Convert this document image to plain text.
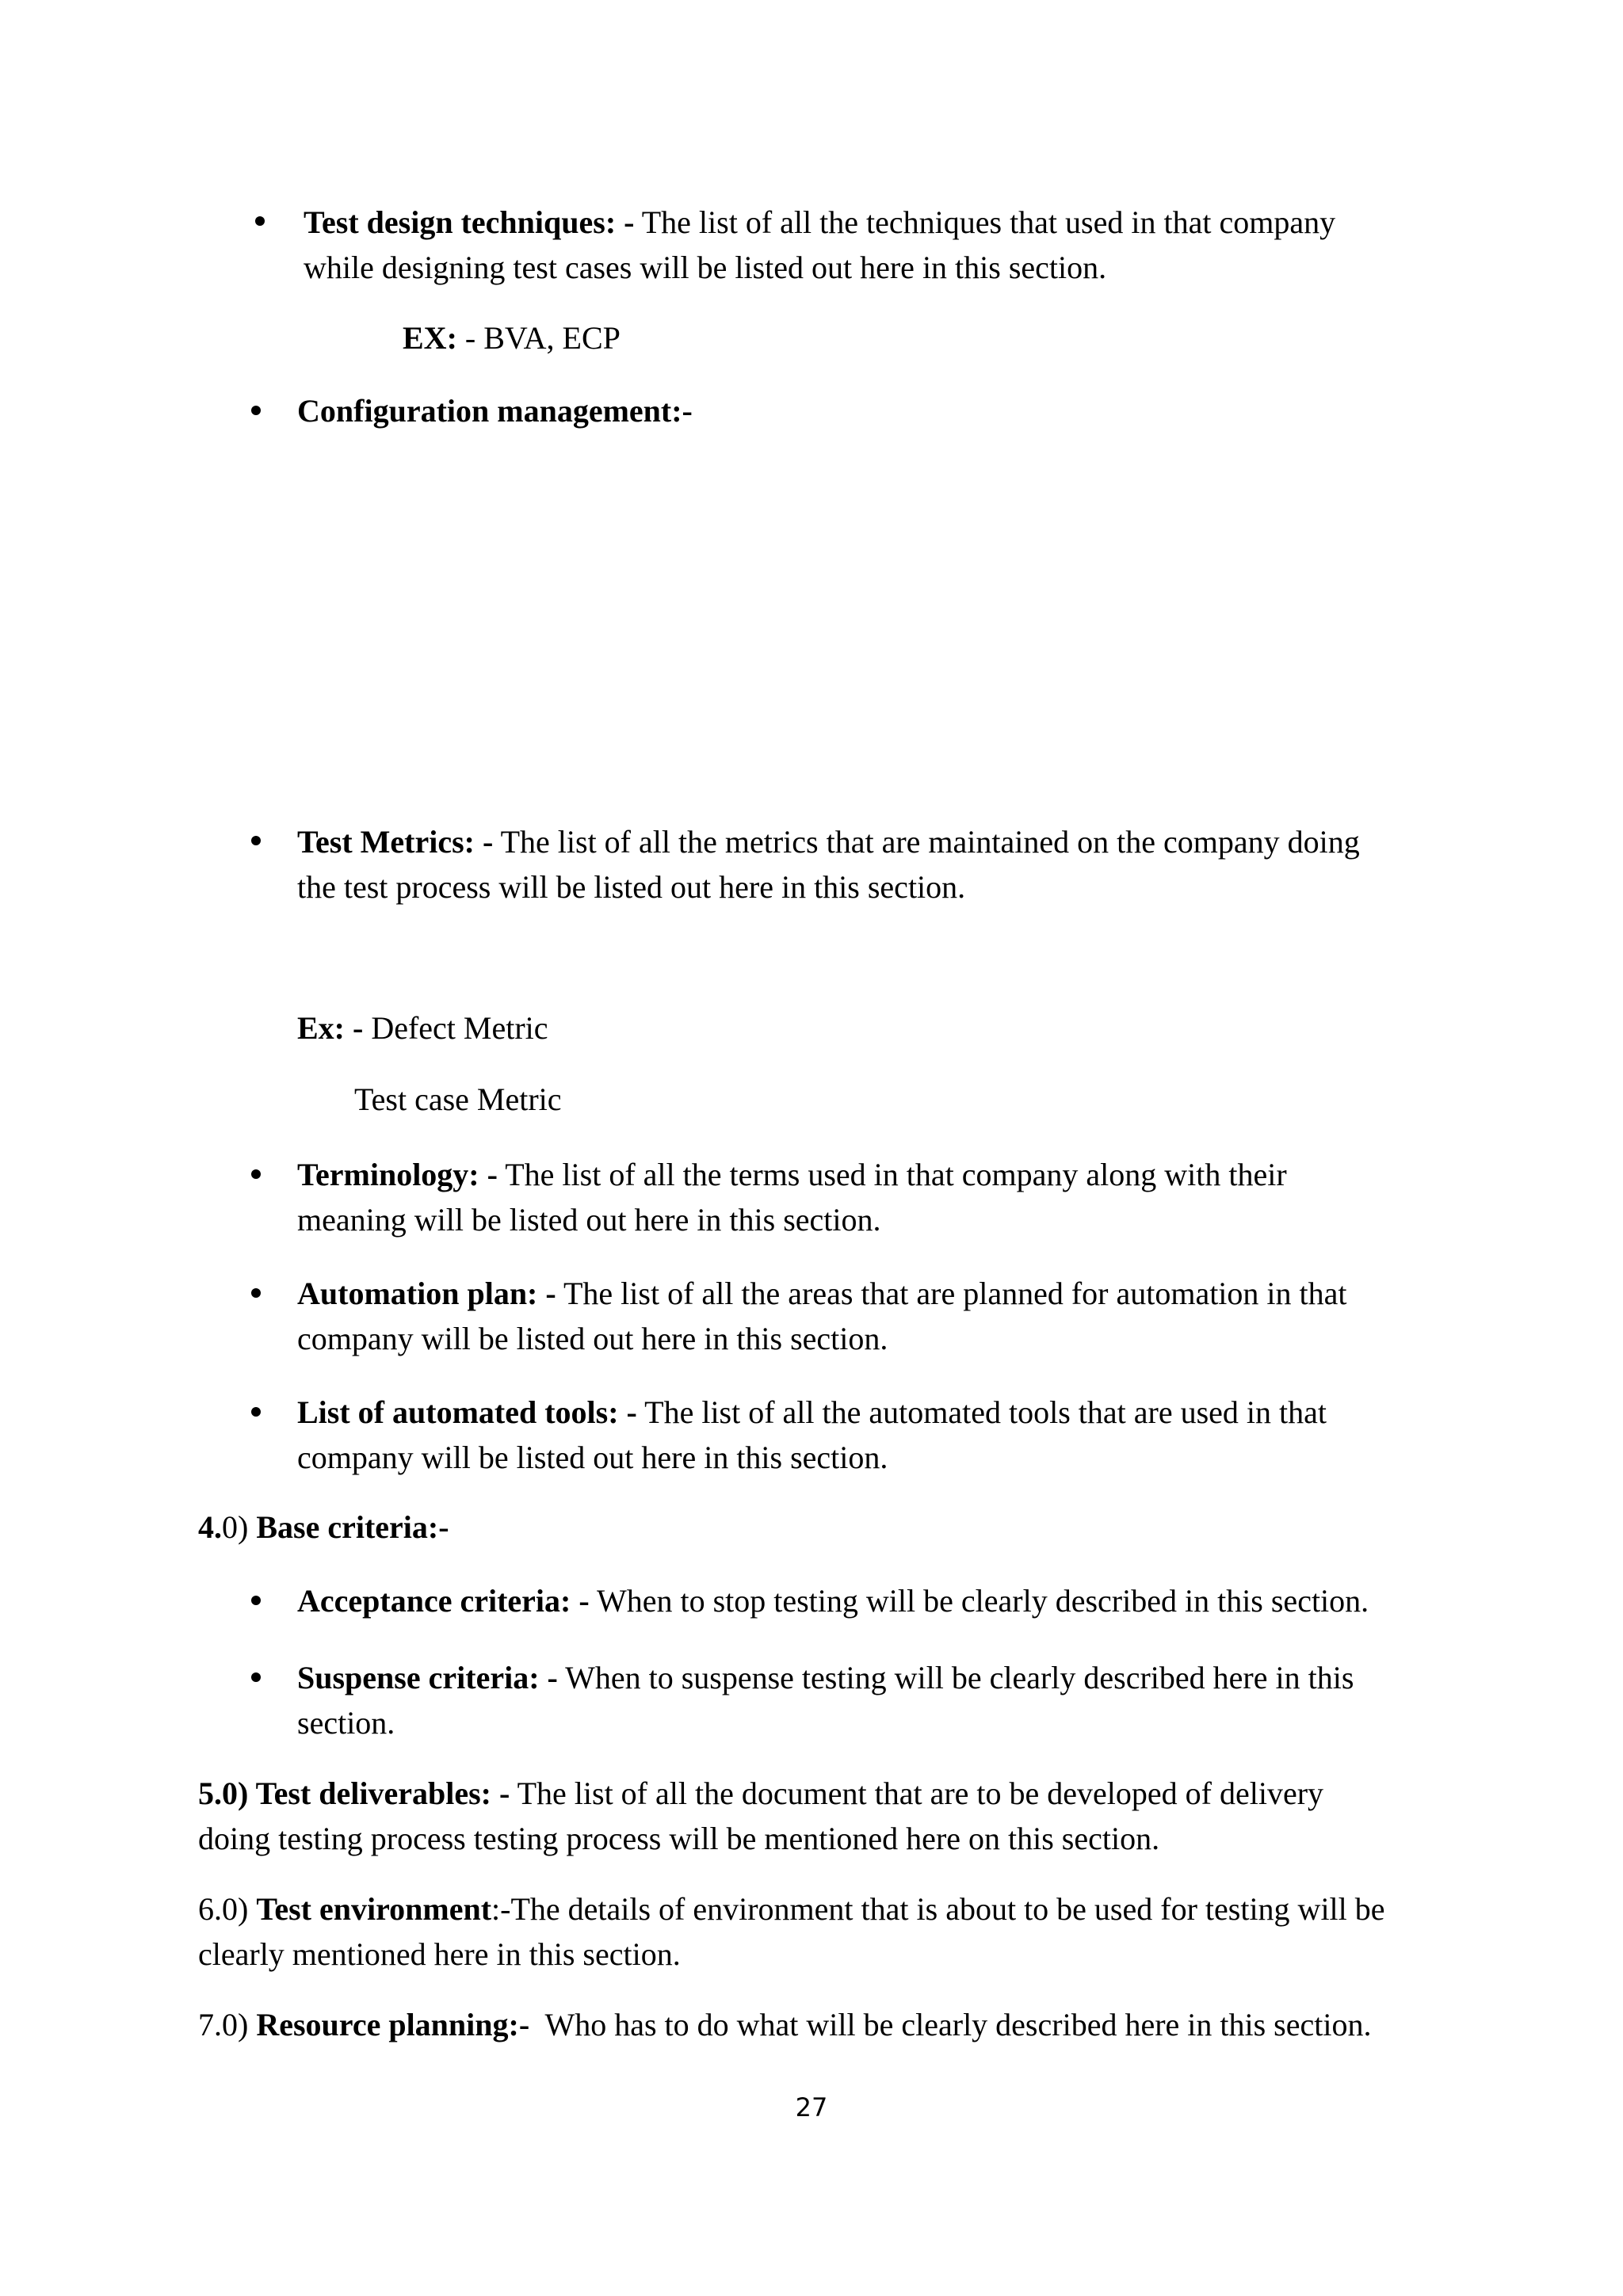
Test design techniques: - The list of all the techniques that used in that company
while designing test cases will be listed out here in this section.
EX: - BVA, ECP
Configuration management:-
Test Metrics: - The list of all the metrics that are maintained on the company doing
the test process will be listed out here in this section.
Ex: - Defect Metric
Test case Metric
Terminology: - The list of all the terms used in that company along with their
meaning will be listed out here in this section.
Automation plan: - The list of all the areas that are planned for automation in that
company will be listed out here in this section.
List of automated tools: - The list of all the automated tools that are used in that
company will be listed out here in this section.
4.0) Base criteria:-
Acceptance criteria: - When to stop testing will be clearly described in this section.
Suspense criteria: - When to suspense testing will be clearly described here in this
section.
5.0) Test deliverables: - The list of all the document that are to be developed of delivery
doing testing process testing process will be mentioned here on this section.
6.0) Test environment:-The details of environment that is about to be used for testing will be
clearly mentioned here in this section.
7.0) Resource planning:-  Who has to do what will be clearly described here in this section.
27
